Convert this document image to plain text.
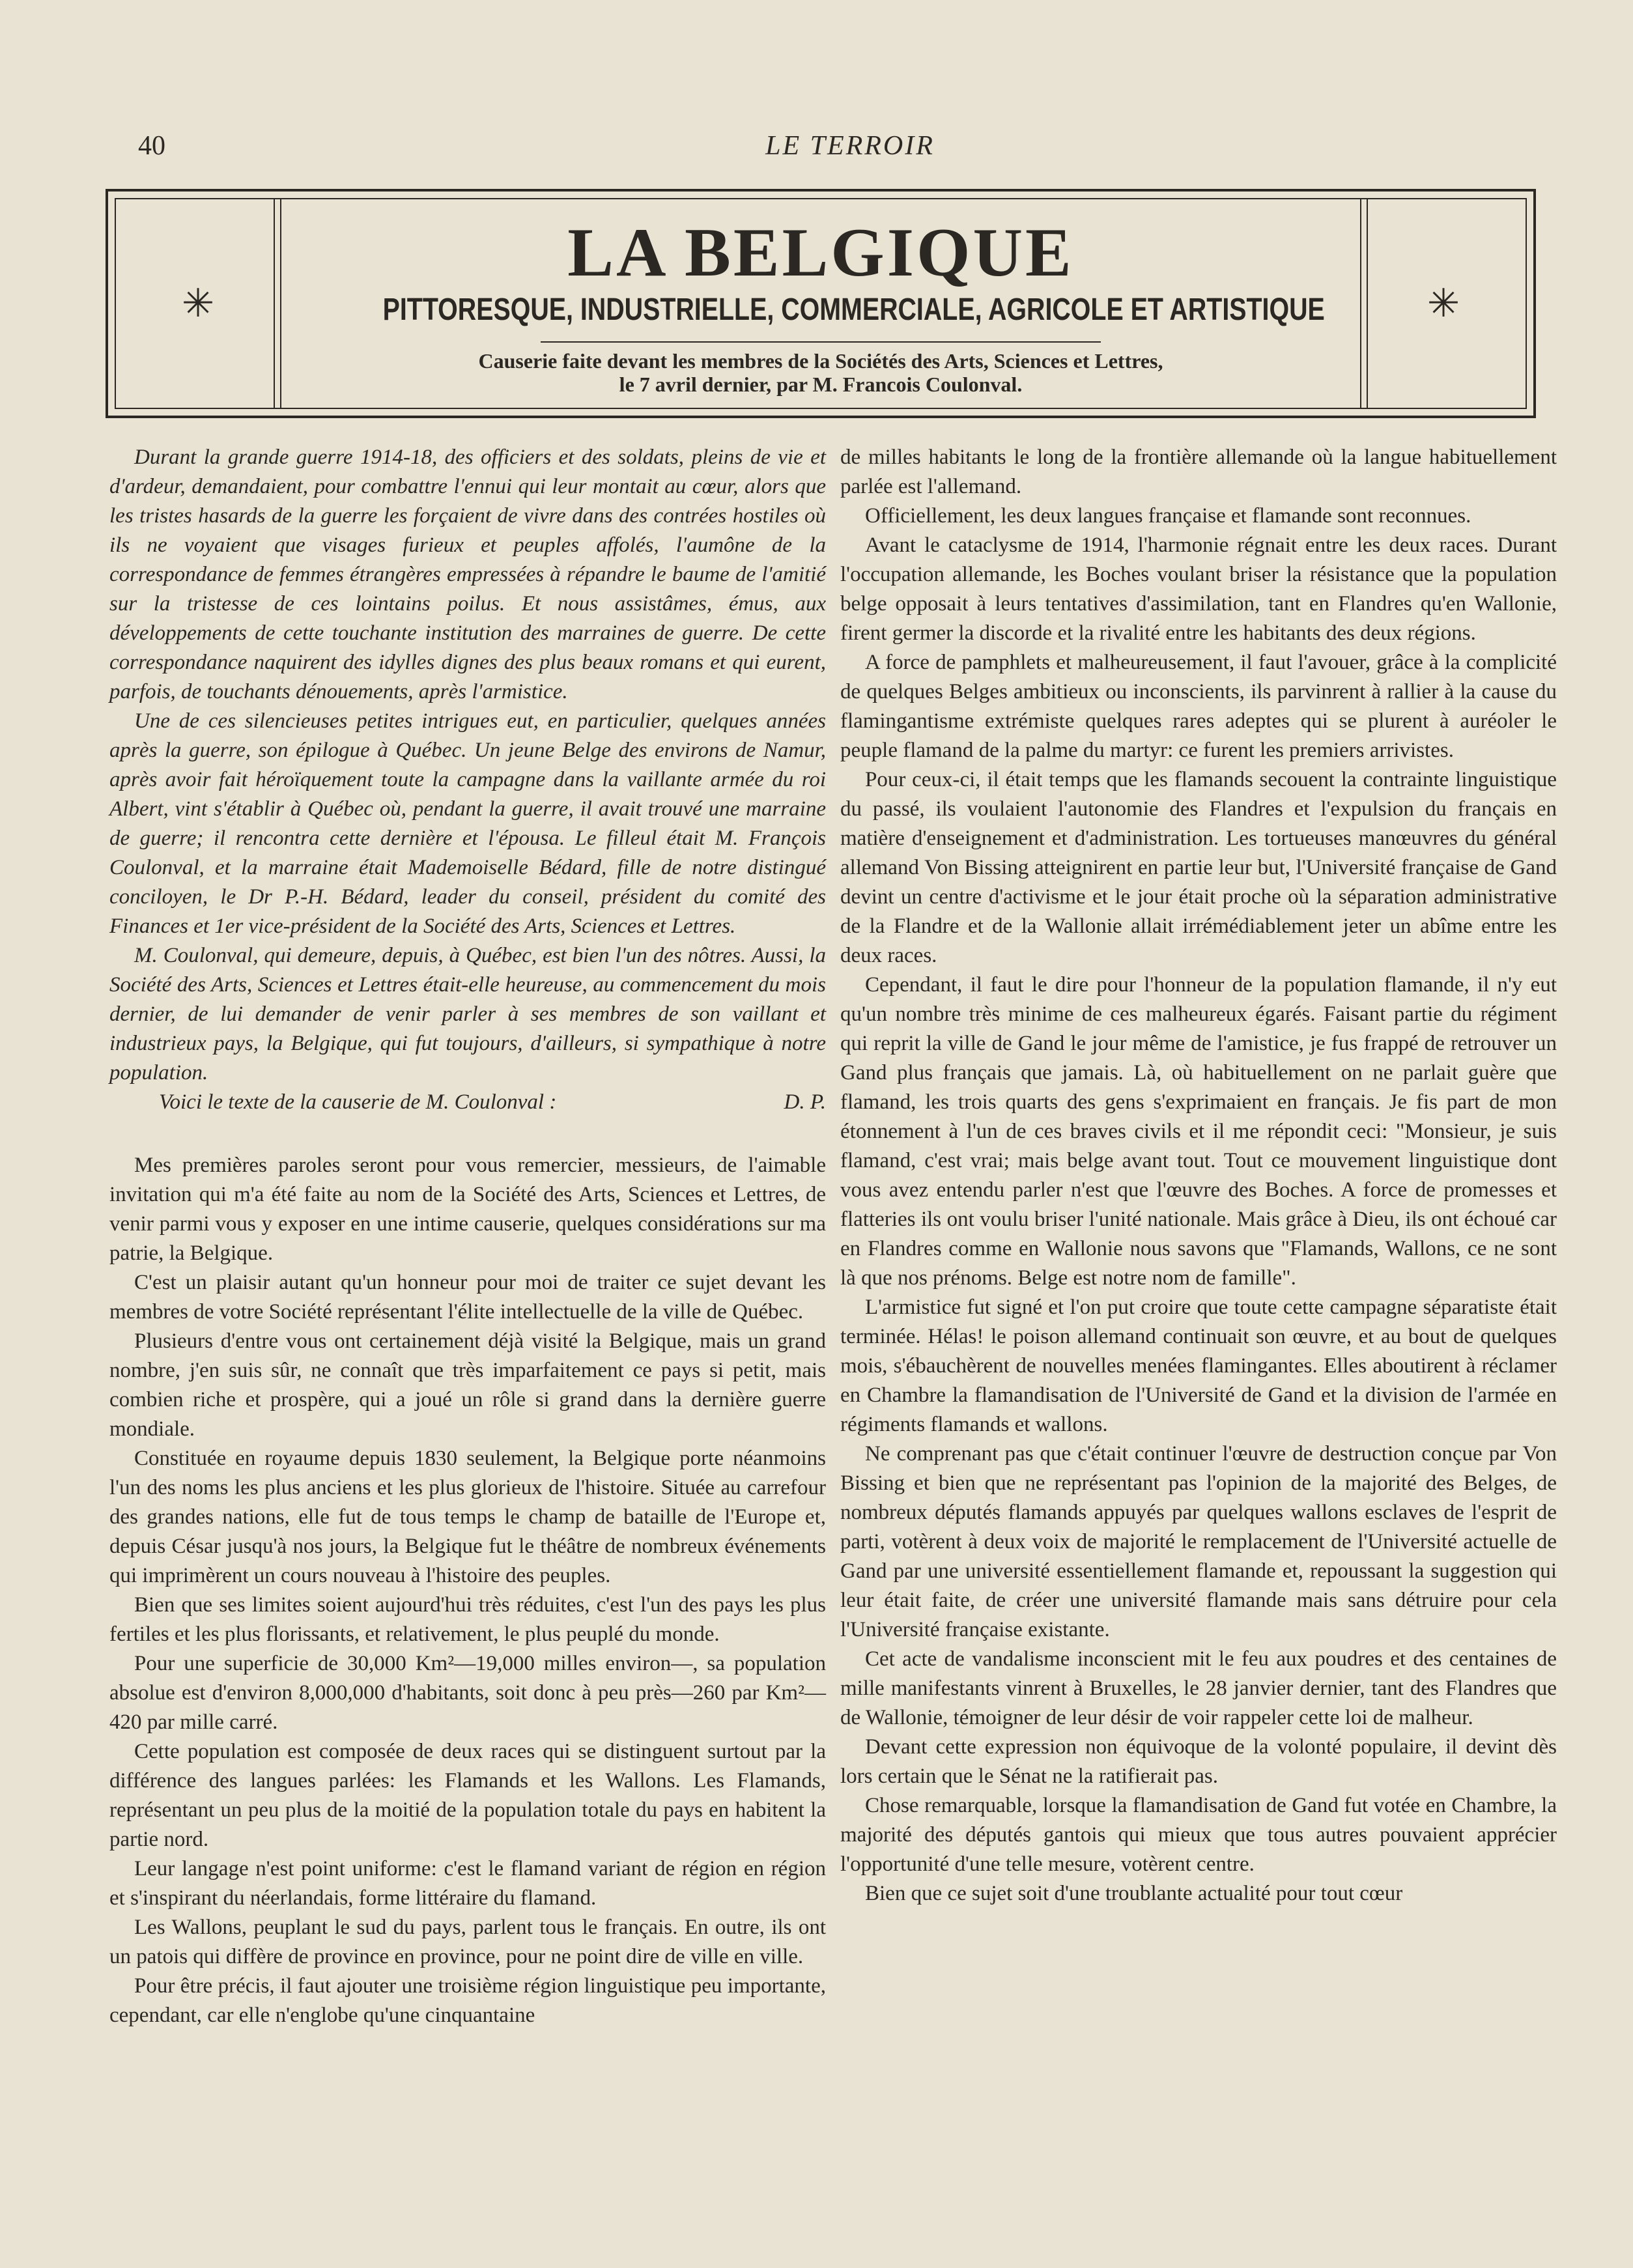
40	LE TERROIR
✳
LA BELGIQUE
PITTORESQUE, INDUSTRIELLE, COMMERCIALE, AGRICOLE ET ARTISTIQUE
Causerie faite devant les membres de la Sociétés des Arts, Sciences et Lettres,
le 7 avril dernier, par M. Francois Coulonval.
✳

Durant la grande guerre 1914-18, des officiers et des soldats, pleins de vie et d'ardeur, demandaient, pour combattre l'ennui qui leur montait au cœur, alors que les tristes hasards de la guerre les forçaient de vivre dans des contrées hostiles où ils ne voyaient que visages furieux et peuples affolés, l'aumône de la correspondance de femmes étrangères empressées à répandre le baume de l'amitié sur la tristesse de ces lointains poilus. Et nous assistâmes, émus, aux développements de cette touchante institution des marraines de guerre. De cette correspondance naquirent des idylles dignes des plus beaux romans et qui eurent, parfois, de touchants dénouements, après l'armistice.

Une de ces silencieuses petites intrigues eut, en particulier, quelques années après la guerre, son épilogue à Québec. Un jeune Belge des environs de Namur, après avoir fait héroïquement toute la campagne dans la vaillante armée du roi Albert, vint s'établir à Québec où, pendant la guerre, il avait trouvé une marraine de guerre; il rencontra cette dernière et l'épousa. Le filleul était M. François Coulonval, et la marraine était Mademoiselle Bédard, fille de notre distingué conciloyen, le Dr P.-H. Bédard, leader du conseil, président du comité des Finances et 1er vice-président de la Société des Arts, Sciences et Lettres.

M. Coulonval, qui demeure, depuis, à Québec, est bien l'un des nôtres. Aussi, la Société des Arts, Sciences et Lettres était-elle heureuse, au commencement du mois dernier, de lui demander de venir parler à ses membres de son vaillant et industrieux pays, la Belgique, qui fut toujours, d'ailleurs, si sympathique à notre population.

Voici le texte de la causerie de M. Coulonval :	D. P.

Mes premières paroles seront pour vous remercier, messieurs, de l'aimable invitation qui m'a été faite au nom de la Société des Arts, Sciences et Lettres, de venir parmi vous y exposer en une intime causerie, quelques considérations sur ma patrie, la Belgique.

C'est un plaisir autant qu'un honneur pour moi de traiter ce sujet devant les membres de votre Société représentant l'élite intellectuelle de la ville de Québec.

Plusieurs d'entre vous ont certainement déjà visité la Belgique, mais un grand nombre, j'en suis sûr, ne connaît que très imparfaitement ce pays si petit, mais combien riche et prospère, qui a joué un rôle si grand dans la dernière guerre mondiale.

Constituée en royaume depuis 1830 seulement, la Belgique porte néanmoins l'un des noms les plus anciens et les plus glorieux de l'histoire. Située au carrefour des grandes nations, elle fut de tous temps le champ de bataille de l'Europe et, depuis César jusqu'à nos jours, la Belgique fut le théâtre de nombreux événements qui imprimèrent un cours nouveau à l'histoire des peuples.

Bien que ses limites soient aujourd'hui très réduites, c'est l'un des pays les plus fertiles et les plus florissants, et relativement, le plus peuplé du monde.

Pour une superficie de 30,000 Km²—19,000 milles environ—, sa population absolue est d'environ 8,000,000 d'habitants, soit donc à peu près—260 par Km²—420 par mille carré.

Cette population est composée de deux races qui se distinguent surtout par la différence des langues parlées: les Flamands et les Wallons. Les Flamands, représentant un peu plus de la moitié de la population totale du pays en habitent la partie nord.

Leur langage n'est point uniforme: c'est le flamand variant de région en région et s'inspirant du néerlandais, forme littéraire du flamand.

Les Wallons, peuplant le sud du pays, parlent tous le français. En outre, ils ont un patois qui diffère de province en province, pour ne point dire de ville en ville.

Pour être précis, il faut ajouter une troisième région linguistique peu importante, cependant, car elle n'englobe qu'une cinquantaine

de milles habitants le long de la frontière allemande où la langue habituellement parlée est l'allemand.

Officiellement, les deux langues française et flamande sont reconnues.

Avant le cataclysme de 1914, l'harmonie régnait entre les deux races. Durant l'occupation allemande, les Boches voulant briser la résistance que la population belge opposait à leurs tentatives d'assimilation, tant en Flandres qu'en Wallonie, firent germer la discorde et la rivalité entre les habitants des deux régions.

A force de pamphlets et malheureusement, il faut l'avouer, grâce à la complicité de quelques Belges ambitieux ou inconscients, ils parvinrent à rallier à la cause du flamingantisme extrémiste quelques rares adeptes qui se plurent à auréoler le peuple flamand de la palme du martyr: ce furent les premiers arrivistes.

Pour ceux-ci, il était temps que les flamands secouent la contrainte linguistique du passé, ils voulaient l'autonomie des Flandres et l'expulsion du français en matière d'enseignement et d'administration. Les tortueuses manœuvres du général allemand Von Bissing atteignirent en partie leur but, l'Université française de Gand devint un centre d'activisme et le jour était proche où la séparation administrative de la Flandre et de la Wallonie allait irrémédiablement jeter un abîme entre les deux races.

Cependant, il faut le dire pour l'honneur de la population flamande, il n'y eut qu'un nombre très minime de ces malheureux égarés. Faisant partie du régiment qui reprit la ville de Gand le jour même de l'amistice, je fus frappé de retrouver un Gand plus français que jamais. Là, où habituellement on ne parlait guère que flamand, les trois quarts des gens s'exprimaient en français. Je fis part de mon étonnement à l'un de ces braves civils et il me répondit ceci: "Monsieur, je suis flamand, c'est vrai; mais belge avant tout. Tout ce mouvement linguistique dont vous avez entendu parler n'est que l'œuvre des Boches. A force de promesses et flatteries ils ont voulu briser l'unité nationale. Mais grâce à Dieu, ils ont échoué car en Flandres comme en Wallonie nous savons que "Flamands, Wallons, ce ne sont là que nos prénoms. Belge est notre nom de famille".

L'armistice fut signé et l'on put croire que toute cette campagne séparatiste était terminée. Hélas! le poison allemand continuait son œuvre, et au bout de quelques mois, s'ébauchèrent de nouvelles menées flamingantes. Elles aboutirent à réclamer en Chambre la flamandisation de l'Université de Gand et la division de l'armée en régiments flamands et wallons.

Ne comprenant pas que c'était continuer l'œuvre de destruction conçue par Von Bissing et bien que ne représentant pas l'opinion de la majorité des Belges, de nombreux députés flamands appuyés par quelques wallons esclaves de l'esprit de parti, votèrent à deux voix de majorité le remplacement de l'Université actuelle de Gand par une université essentiellement flamande et, repoussant la suggestion qui leur était faite, de créer une université flamande mais sans détruire pour cela l'Université française existante.

Cet acte de vandalisme inconscient mit le feu aux poudres et des centaines de mille manifestants vinrent à Bruxelles, le 28 janvier dernier, tant des Flandres que de Wallonie, témoigner de leur désir de voir rappeler cette loi de malheur.

Devant cette expression non équivoque de la volonté populaire, il devint dès lors certain que le Sénat ne la ratifierait pas.

Chose remarquable, lorsque la flamandisation de Gand fut votée en Chambre, la majorité des députés gantois qui mieux que tous autres pouvaient apprécier l'opportunité d'une telle mesure, votèrent centre.

Bien que ce sujet soit d'une troublante actualité pour tout cœur
